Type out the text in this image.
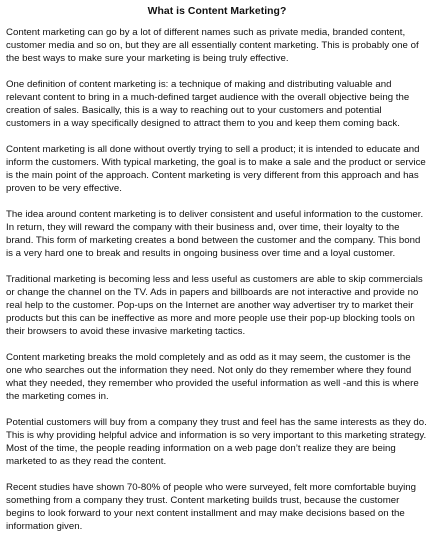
What is Content Marketing?

Content marketing can go by a lot of different names such as private media, branded content, customer media and so on, but they are all essentially content marketing. This is probably one of the best ways to make sure your marketing is being truly effective.

One definition of content marketing is: a technique of making and distributing valuable and relevant content to bring in a much-defined target audience with the overall objective being the creation of sales. Basically, this is a way to reaching out to your customers and potential customers in a way specifically designed to attract them to you and keep them coming back.

Content marketing is all done without overtly trying to sell a product; it is intended to educate and inform the customers. With typical marketing, the goal is to make a sale and the product or service is the main point of the approach. Content marketing is very different from this approach and has proven to be very effective.

The idea around content marketing is to deliver consistent and useful information to the customer. In return, they will reward the company with their business and, over time, their loyalty to the brand. This form of marketing creates a bond between the customer and the company. This bond is a very hard one to break and results in ongoing business over time and a loyal customer.

Traditional marketing is becoming less and less useful as customers are able to skip commercials or change the channel on the TV. Ads in papers and billboards are not interactive and provide no real help to the customer. Pop-ups on the Internet are another way advertiser try to market their products but this can be ineffective as more and more people use their pop-up blocking tools on their browsers to avoid these invasive marketing tactics.

Content marketing breaks the mold completely and as odd as it may seem, the customer is the one who searches out the information they need. Not only do they remember where they found what they needed, they remember who provided the useful information as well -and this is where the marketing comes in.

Potential customers will buy from a company they trust and feel has the same interests as they do. This is why providing helpful advice and information is so very important to this marketing strategy. Most of the time, the people reading information on a web page don’t realize they are being marketed to as they read the content.

Recent studies have shown 70-80% of people who were surveyed, felt more comfortable buying something from a company they trust. Content marketing builds trust, because the customer begins to look forward to your next content installment and may make decisions based on the information given.
